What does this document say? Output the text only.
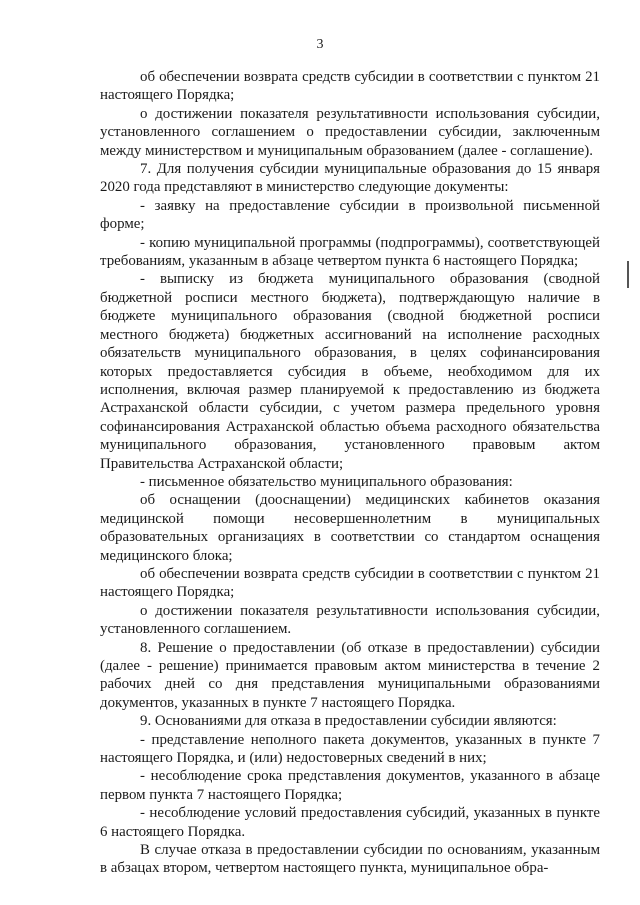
3

об обеспечении возврата средств субсидии в соответствии с пунктом 21 настоящего Порядка;

о достижении показателя результативности использования субсидии, установленного соглашением о предоставлении субсидии, заключенным между министерством и муниципальным образованием (далее - соглашение).

7. Для получения субсидии муниципальные образования до 15 января 2020 года представляют в министерство следующие документы:

- заявку на предоставление субсидии в произвольной письменной форме;

- копию муниципальной программы (подпрограммы), соответствующей требованиям, указанным в абзаце четвертом пункта 6 настоящего Порядка;

- выписку из бюджета муниципального образования (сводной бюджетной росписи местного бюджета), подтверждающую наличие в бюджете муниципального образования (сводной бюджетной росписи местного бюджета) бюджетных ассигнований на исполнение расходных обязательств муниципального образования, в целях софинансирования которых предоставляется субсидия в объеме, необходимом для их исполнения, включая размер планируемой к предоставлению из бюджета Астраханской области субсидии, с учетом размера предельного уровня софинансирования Астраханской областью объема расходного обязательства муниципального образования, установленного правовым актом Правительства Астраханской области;

- письменное обязательство муниципального образования:

об оснащении (дооснащении) медицинских кабинетов оказания медицинской помощи несовершеннолетним в муниципальных образовательных организациях в соответствии со стандартом оснащения медицинского блока;

об обеспечении возврата средств субсидии в соответствии с пунктом 21 настоящего Порядка;

о достижении показателя результативности использования субсидии, установленного соглашением.

8. Решение о предоставлении (об отказе в предоставлении) субсидии (далее - решение) принимается правовым актом министерства в течение 2 рабочих дней со дня представления муниципальными образованиями документов, указанных в пункте 7 настоящего Порядка.

9. Основаниями для отказа в предоставлении субсидии являются:

- представление неполного пакета документов, указанных в пункте 7 настоящего Порядка, и (или) недостоверных сведений в них;

- несоблюдение срока представления документов, указанного в абзаце первом пункта 7 настоящего Порядка;

- несоблюдение условий предоставления субсидий, указанных в пункте 6 настоящего Порядка.

В случае отказа в предоставлении субсидии по основаниям, указанным в абзацах втором, четвертом настоящего пункта, муниципальное обра-
